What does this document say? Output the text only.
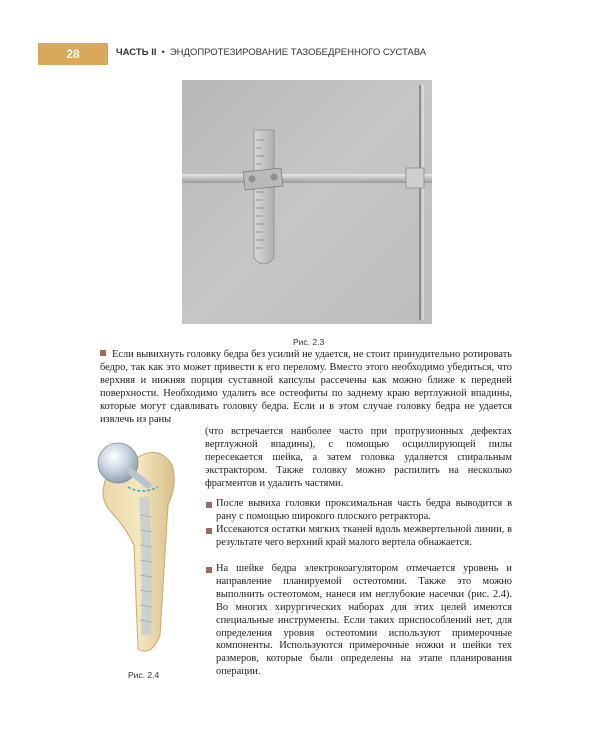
28	ЧАСТЬ II • ЭНДОПРОТЕЗИРОВАНИЕ ТАЗОБЕДРЕННОГО СУСТАВА
Рис. 2.3
Если вывихнуть головку бедра без усилий не удается, не стоит принудительно ротировать бедро, так как это может привести к его перелому. Вместо этого необходимо убедиться, что верхняя и нижняя порция суставной капсулы рассечены как можно ближе к передней поверхности. Необходимо удалить все остеофиты по заднему краю вертлужной впадины, которые могут сдавливать головку бедра. Если и в этом случае головку бедра не удается извлечь из раны
(что встречается наиболее часто при протрузионных дефектах вертлужной впадины), с помощью осциллирующей пилы пересекается шейка, а затем головка удаляется спиральным экстрактором. Также головку можно распилить на несколько фрагментов и удалить частями.
После вывиха головки проксимальная часть бедра выводится в рану с помощью широкого плоского ретрактора.
Иссекаются остатки мягких тканей вдоль межвертельной линии, в результате чего верхний край малого вертела обнажается.
На шейке бедра электрокоагулятором отмечается уровень и направление планируемой остеотомии. Также это можно выполнить остеотомом, нанеся им неглубокие насечки (рис. 2.4). Во многих хирургических наборах для этих целей имеются специальные инструменты. Если таких приспособлений нет, для определения уровня остеотомии используют примерочные компоненты. Используются примерочные ножки и шейки тех размеров, которые были определены на этапе планирования операции.
Рис. 2.4
